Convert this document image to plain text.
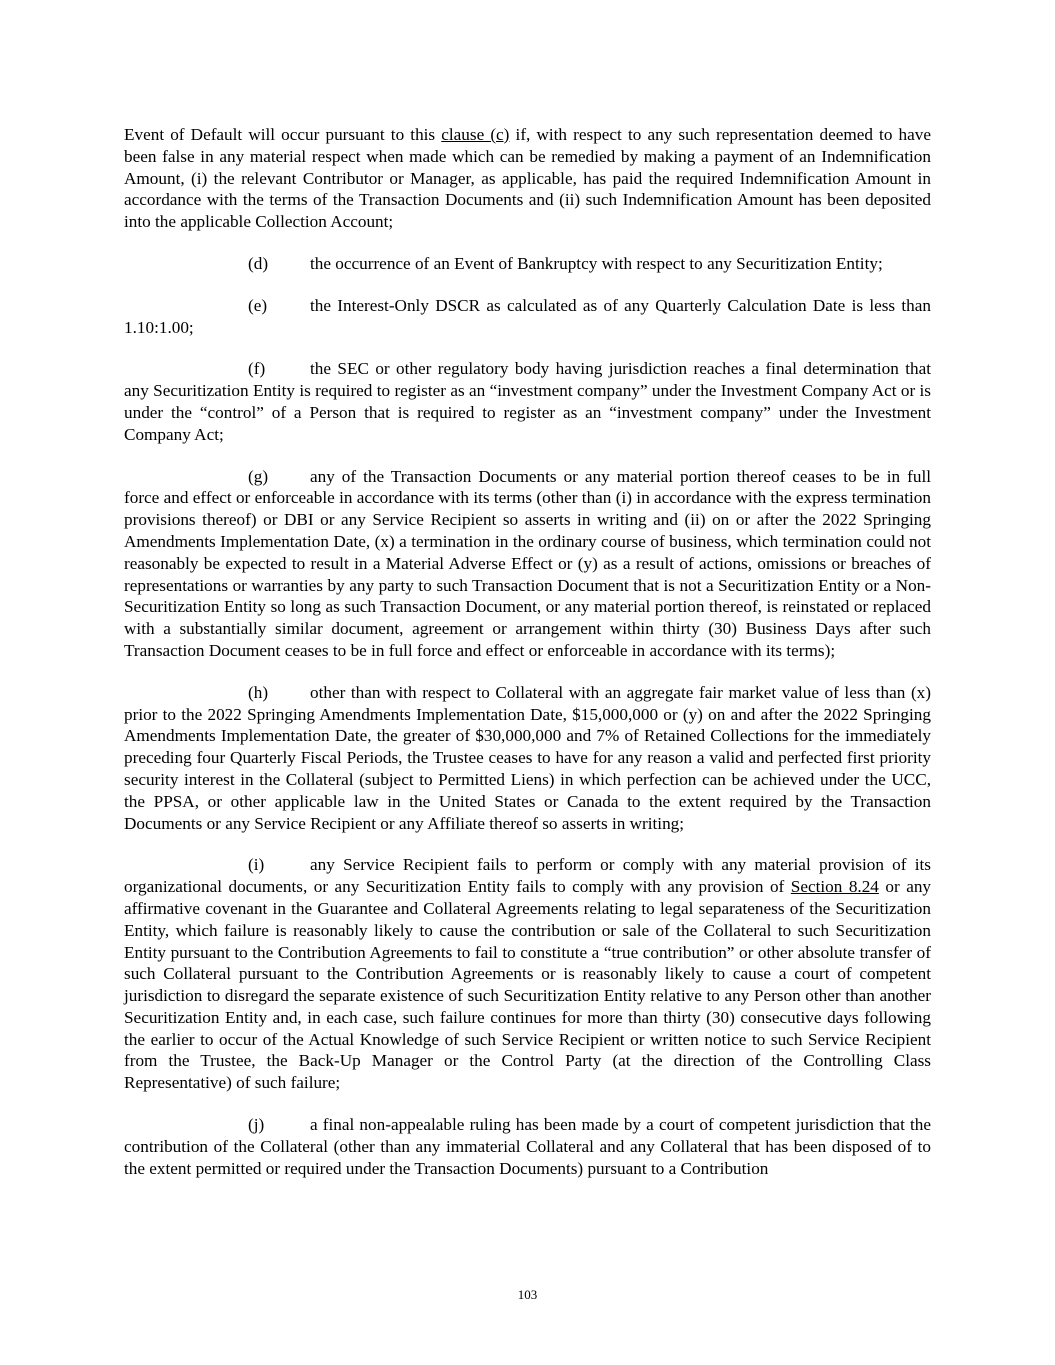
Event of Default will occur pursuant to this clause (c) if, with respect to any such representation deemed to have been false in any material respect when made which can be remedied by making a payment of an Indemnification Amount, (i) the relevant Contributor or Manager, as applicable, has paid the required Indemnification Amount in accordance with the terms of the Transaction Documents and (ii) such Indemnification Amount has been deposited into the applicable Collection Account;

(d) the occurrence of an Event of Bankruptcy with respect to any Securitization Entity;

(e) the Interest-Only DSCR as calculated as of any Quarterly Calculation Date is less than 1.10:1.00;

(f)	the SEC or other regulatory body having jurisdiction reaches a final determination that any Securitization Entity is required to register as an “investment company” under the Investment Company Act or is under the “control” of a Person that is required to register as an “investment company” under the Investment Company Act;

(g) any of the Transaction Documents or any material portion thereof ceases to be in full force and effect or enforceable in accordance with its terms (other than (i) in accordance with the express termination provisions thereof) or DBI or any Service Recipient so asserts in writing and (ii) on or after the 2022 Springing Amendments Implementation Date, (x) a termination in the ordinary course of business, which termination could not reasonably be expected to result in a Material Adverse Effect or (y) as a result of actions, omissions or breaches of representations or warranties by any party to such Transaction Document that is not a Securitization Entity or a Non-Securitization Entity so long as such Transaction Document, or any material portion thereof, is reinstated or replaced with a substantially similar document, agreement or arrangement within thirty (30) Business Days after such Transaction Document ceases to be in full force and effect or enforceable in accordance with its terms);

(h) other than with respect to Collateral with an aggregate fair market value of less than (x) prior to the 2022 Springing Amendments Implementation Date, $15,000,000 or (y) on and after the 2022 Springing Amendments Implementation Date, the greater of $30,000,000 and 7% of Retained Collections for the immediately preceding four Quarterly Fiscal Periods, the Trustee ceases to have for any reason a valid and perfected first priority security interest in the Collateral (subject to Permitted Liens) in which perfection can be achieved under the UCC, the PPSA, or other applicable law in the United States or Canada to the extent required by the Transaction Documents or any Service Recipient or any Affiliate thereof so asserts in writing;

(i)	any Service Recipient fails to perform or comply with any material provision of its organizational documents, or any Securitization Entity fails to comply with any provision of Section 8.24 or any affirmative covenant in the Guarantee and Collateral Agreements relating to legal separateness of the Securitization Entity, which failure is reasonably likely to cause the contribution or sale of the Collateral to such Securitization Entity pursuant to the Contribution Agreements to fail to constitute a “true contribution” or other absolute transfer of such Collateral pursuant to the Contribution Agreements or is reasonably likely to cause a court of competent jurisdiction to disregard the separate existence of such Securitization Entity relative to any Person other than another Securitization Entity and, in each case, such failure continues for more than thirty (30) consecutive days following the earlier to occur of the Actual Knowledge of such Service Recipient or written notice to such Service Recipient from the Trustee, the Back-Up Manager or the Control Party (at the direction of the Controlling Class Representative) of such failure;

(j)	a final non-appealable ruling has been made by a court of competent jurisdiction that the contribution of the Collateral (other than any immaterial Collateral and any Collateral that has been disposed of to the extent permitted or required under the Transaction Documents) pursuant to a Contribution

103
